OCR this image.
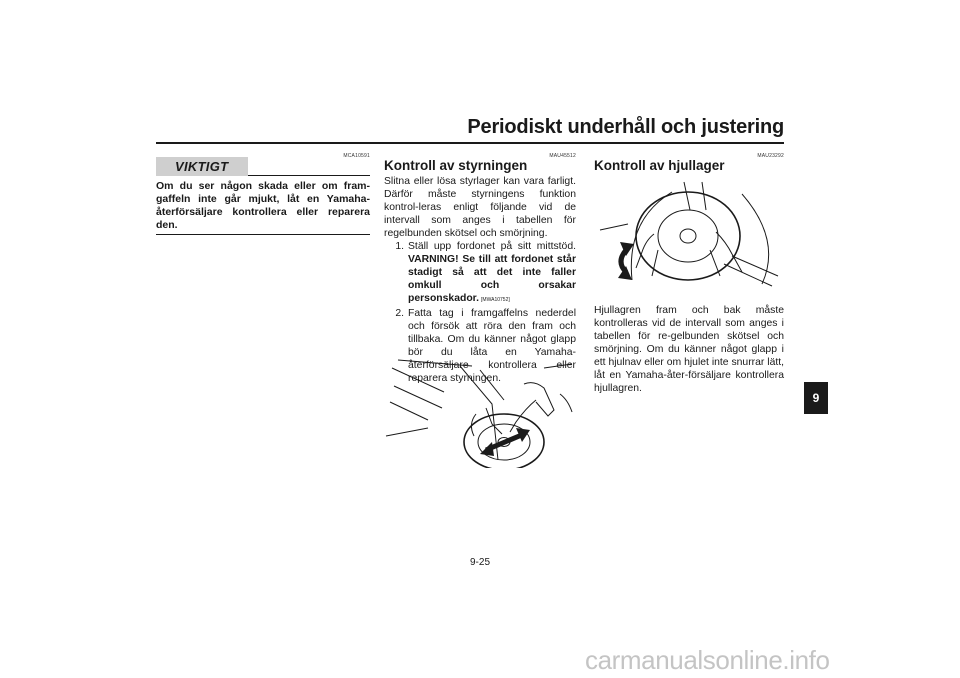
Periodiskt underhåll och justering
MCA10591
VIKTIGT

Om du ser någon skada eller om fram-gaffeln inte går mjukt, låt en Yamaha-återförsäljare kontrollera eller reparera den.

MAU45512
Kontroll av styrningen

Slitna eller lösa styrlager kan vara farligt. Därför måste styrningens funktion kontrol-leras enligt följande vid de intervall som anges i tabellen för regelbunden skötsel och smörjning.

1. Ställ upp fordonet på sitt mittstöd. VARNING! Se till att fordonet står stadigt så att det inte faller omkull och orsakar personskador. [MWA10752]
2. Fatta tag i framgaffelns nederdel och försök att röra den fram och tillbaka. Om du känner något glapp bör du låta en Yamaha-återförsäljare kontrollera eller reparera styrningen.
MAU23292
Kontroll av hjullager

Hjullagren fram och bak måste kontrolleras vid de intervall som anges i tabellen för re-gelbunden skötsel och smörjning. Om du känner något glapp i ett hjulnav eller om hjulet inte snurrar lätt, låt en Yamaha-åter-försäljare kontrollera hjullagren.

9
9-25
carmanualsonline.info
